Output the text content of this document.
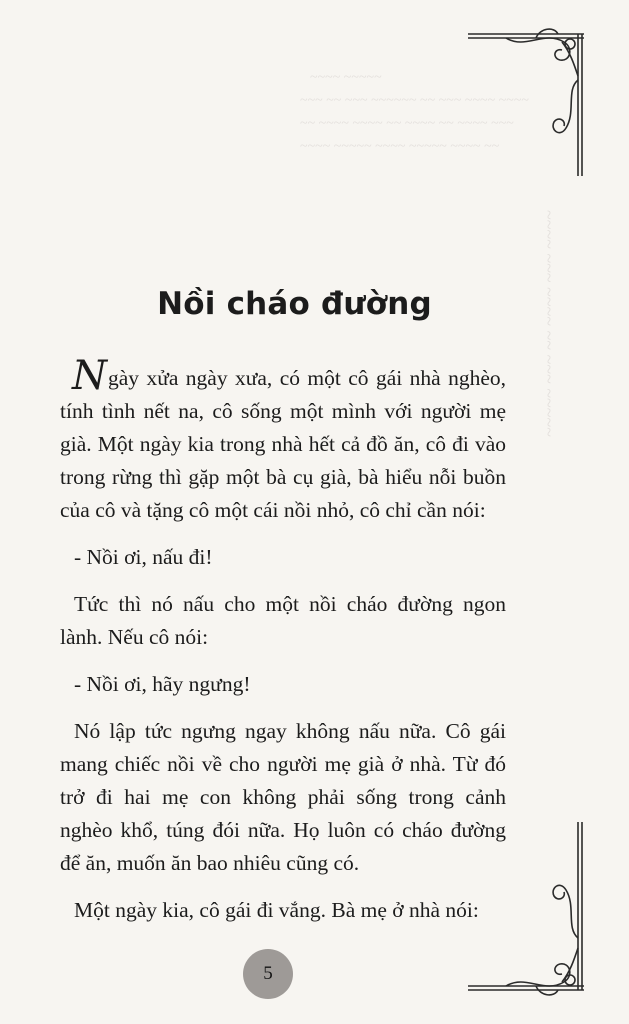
~~~~ ~~~~~
~~~ ~~ ~~~ ~~~~~~ ~~ ~~~ ~~~~ ~~~~
~~ ~~~~ ~~~~ ~~ ~~~~ ~~ ~~~~ ~~~
~~~~ ~~~~~ ~~~~ ~~~~~ ~~~~ ~~
~~~~ ~~~ ~~~~ ~~ ~~~ ~~~~~
Nồi cháo đường

Ngày xửa ngày xưa, có một cô gái nhà nghèo, tính tình nết na, cô sống một mình với người mẹ già. Một ngày kia trong nhà hết cả đồ ăn, cô đi vào trong rừng thì gặp một bà cụ già, bà hiểu nỗi buồn của cô và tặng cô một cái nồi nhỏ, cô chỉ cần nói:

- Nồi ơi, nấu đi!

Tức thì nó nấu cho một nồi cháo đường ngon lành. Nếu cô nói:

- Nồi ơi, hãy ngưng!

Nó lập tức ngưng ngay không nấu nữa. Cô gái mang chiếc nồi về cho người mẹ già ở nhà. Từ đó trở đi hai mẹ con không phải sống trong cảnh nghèo khổ, túng đói nữa. Họ luôn có cháo đường để ăn, muốn ăn bao nhiêu cũng có.

Một ngày kia, cô gái đi vắng. Bà mẹ ở nhà nói:

5
